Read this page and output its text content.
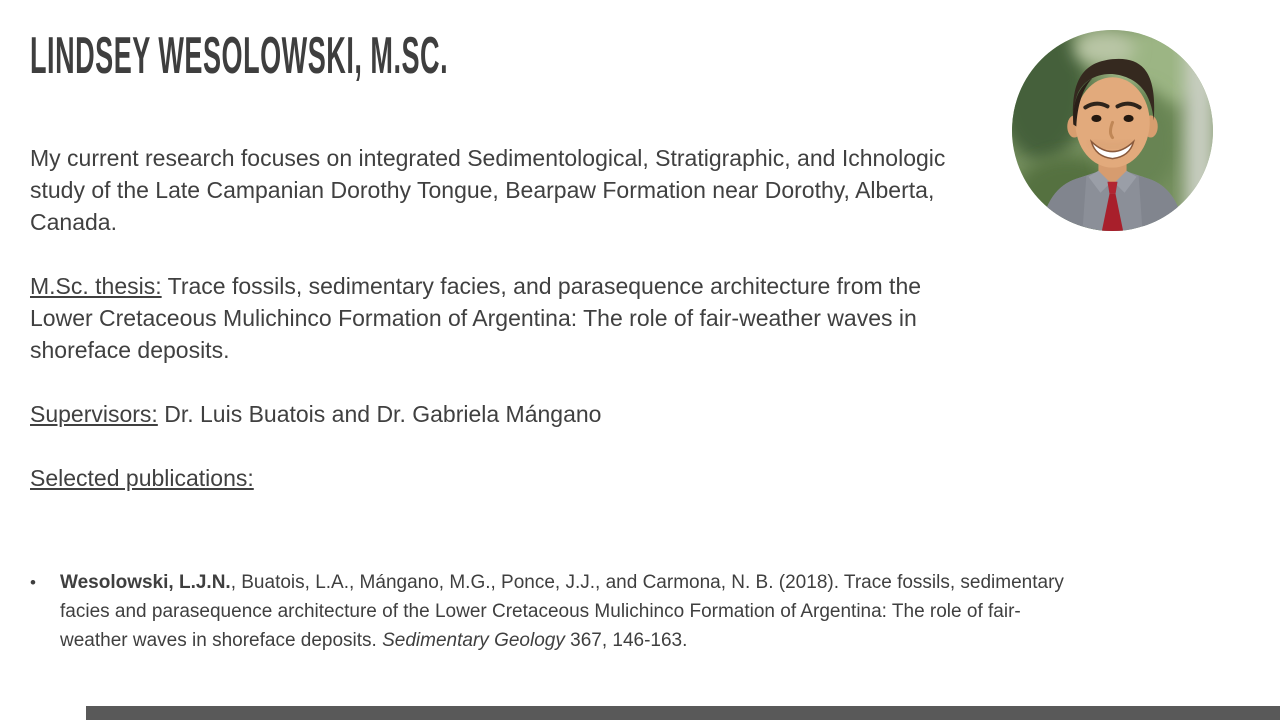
LINDSEY WESOLOWSKI, M.SC.
My current research focuses on integrated Sedimentological, Stratigraphic, and Ichnologic
study of the Late Campanian Dorothy Tongue, Bearpaw Formation near Dorothy, Alberta,
Canada.
M.Sc. thesis: Trace fossils, sedimentary facies, and parasequence architecture from the
Lower Cretaceous Mulichinco Formation of Argentina: The role of fair-weather waves in
shoreface deposits.
Supervisors: Dr. Luis Buatois and Dr. Gabriela Mángano
Selected publications:
•	Wesolowski, L.J.N., Buatois, L.A., Mángano, M.G., Ponce, J.J., and Carmona, N. B. (2018). Trace fossils, sedimentary
facies and parasequence architecture of the Lower Cretaceous Mulichinco Formation of Argentina: The role of fair-
weather waves in shoreface deposits. Sedimentary Geology 367, 146-163.
